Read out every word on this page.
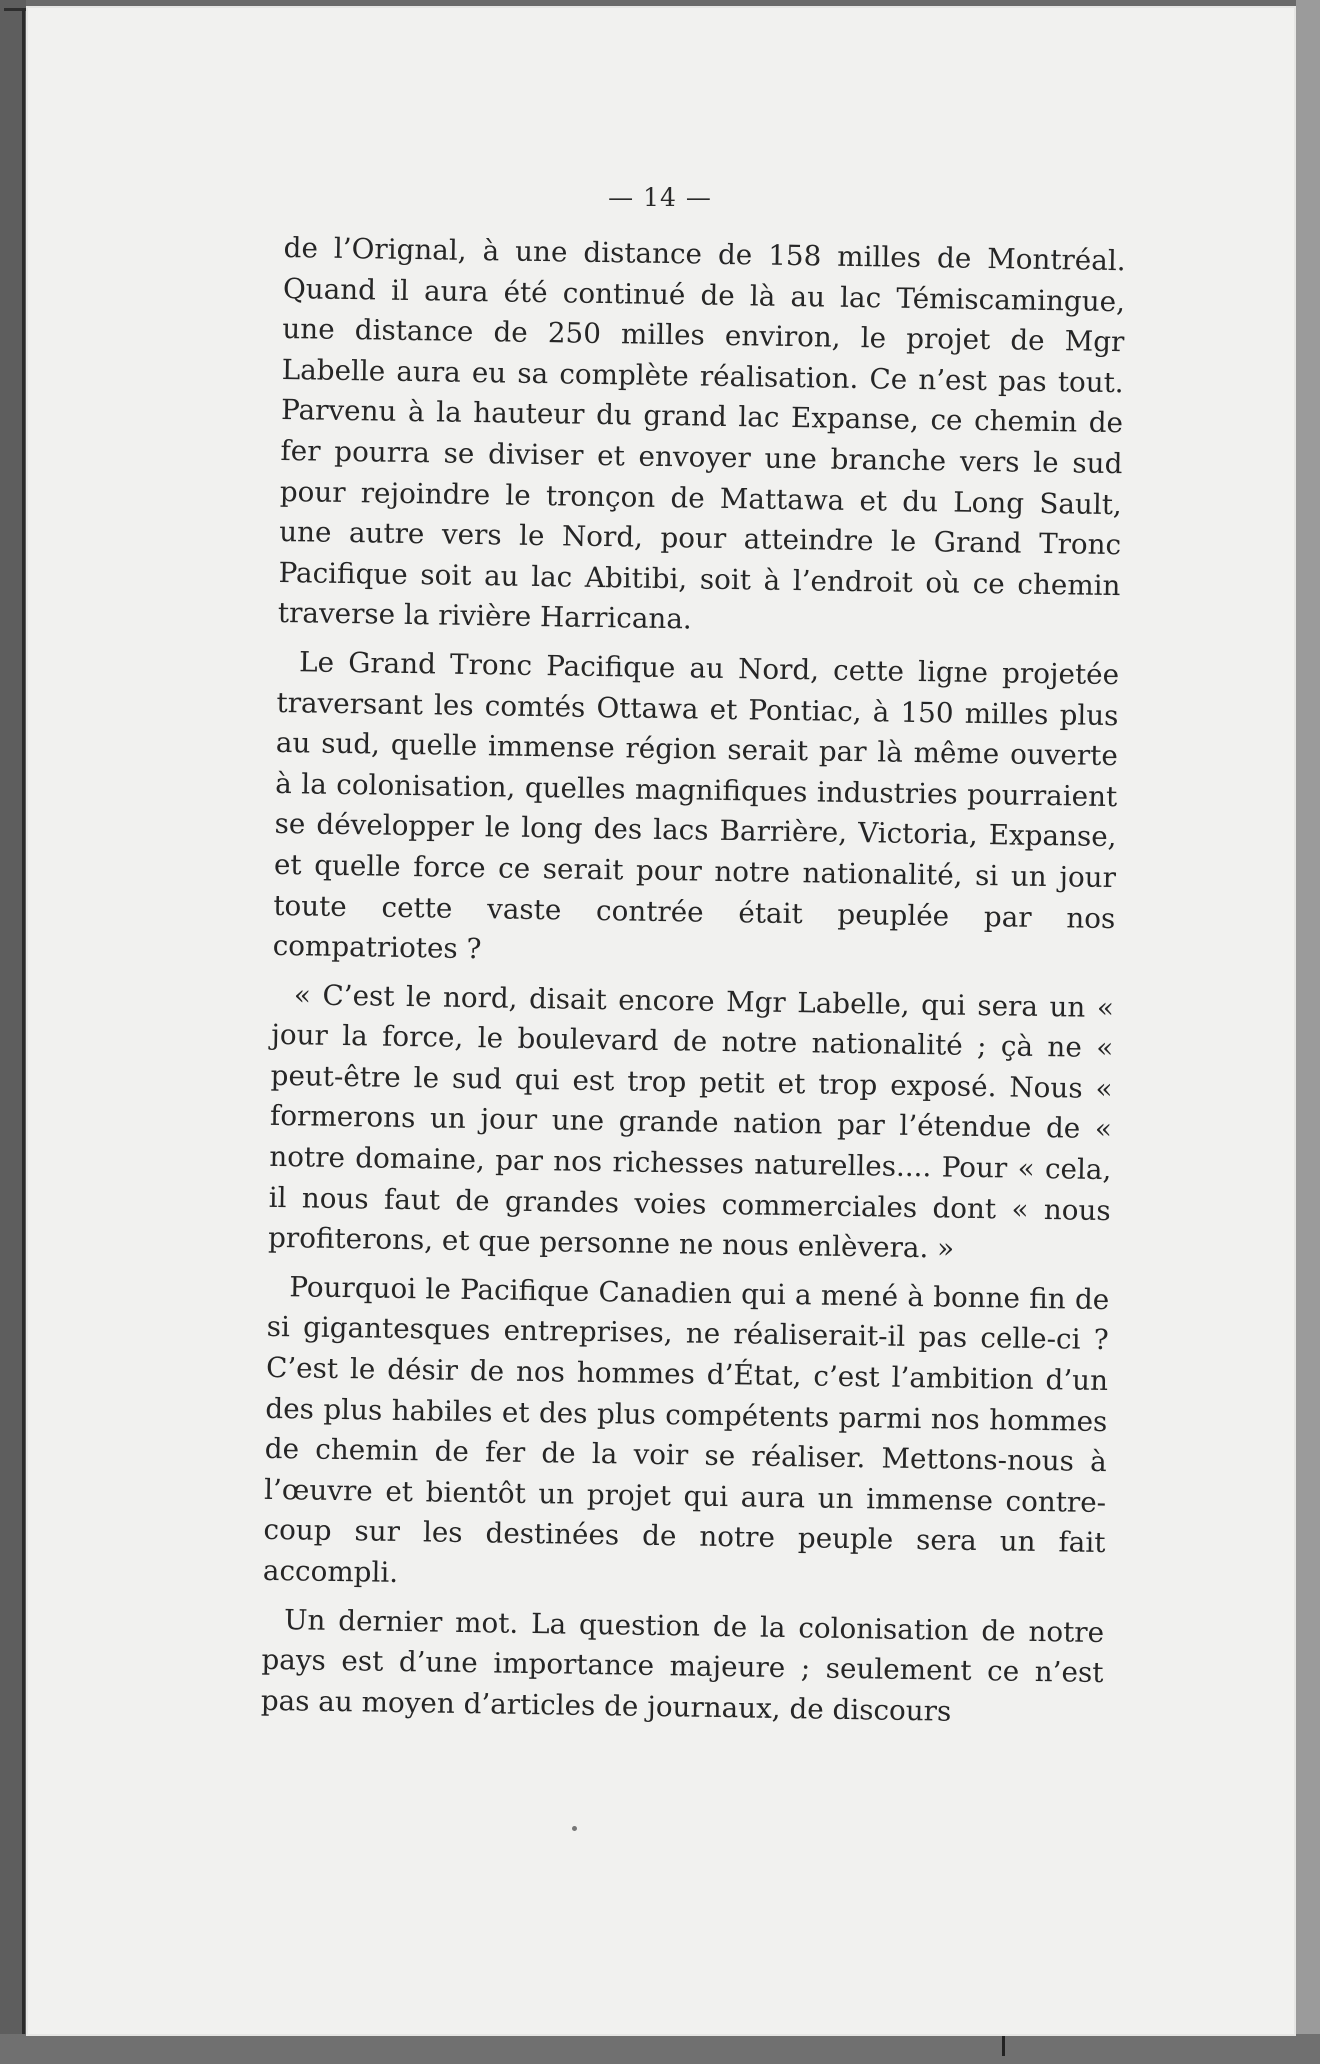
— 14 —

de l’Orignal, à une distance de 158 milles de Montréal. Quand il aura été continué de là au lac Témiscamingue, une distance de 250 milles environ, le projet de Mgr Labelle aura eu sa complète réalisation. Ce n’est pas tout. Parvenu à la hauteur du grand lac Expanse, ce chemin de fer pourra se diviser et envoyer une branche vers le sud pour rejoindre le tronçon de Mattawa et du Long Sault, une autre vers le Nord, pour atteindre le Grand Tronc Pacifique soit au lac Abitibi, soit à l’endroit où ce chemin traverse la rivière Harricana.

Le Grand Tronc Pacifique au Nord, cette ligne projetée traversant les comtés Ottawa et Pontiac, à 150 milles plus au sud, quelle immense région serait par là même ouverte à la colonisation, quelles magnifiques industries pourraient se développer le long des lacs Barrière, Victoria, Expanse, et quelle force ce serait pour notre nationalité, si un jour toute cette vaste contrée était peuplée par nos compatriotes ?

« C’est le nord, disait encore Mgr Labelle, qui sera un « jour la force, le boulevard de notre nationalité ; çà ne « peut-être le sud qui est trop petit et trop exposé. Nous « formerons un jour une grande nation par l’étendue de « notre domaine, par nos richesses naturelles.... Pour « cela, il nous faut de grandes voies commerciales dont « nous profiterons, et que personne ne nous enlèvera. »

Pourquoi le Pacifique Canadien qui a mené à bonne fin de si gigantesques entreprises, ne réaliserait-il pas celle-ci ? C’est le désir de nos hommes d’État, c’est l’ambition d’un des plus habiles et des plus compétents parmi nos hommes de chemin de fer de la voir se réaliser. Mettons-nous à l’œuvre et bientôt un projet qui aura un immense contre-coup sur les destinées de notre peuple sera un fait accompli.

Un dernier mot. La question de la colonisation de notre pays est d’une importance majeure ; seulement ce n’est pas au moyen d’articles de journaux, de discours
